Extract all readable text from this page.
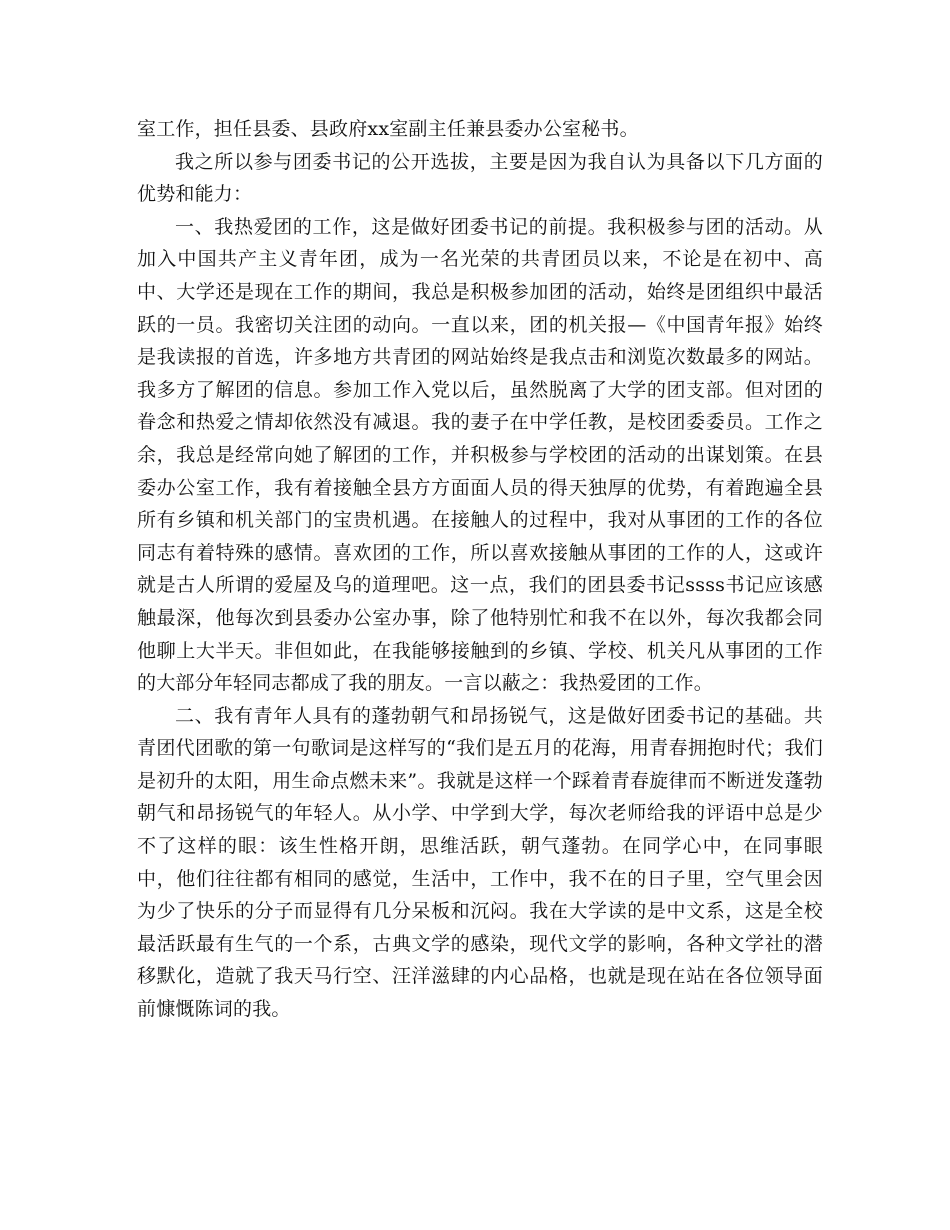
室工作，担任县委、县政府xx室副主任兼县委办公室秘书。

我之所以参与团委书记的公开选拔，主要是因为我自认为具备以下几方面的优势和能力：

一、我热爱团的工作，这是做好团委书记的前提。我积极参与团的活动。从加入中国共产主义青年团，成为一名光荣的共青团员以来，不论是在初中、高中、大学还是现在工作的期间，我总是积极参加团的活动，始终是团组织中最活跃的一员。我密切关注团的动向。一直以来，团的机关报—《中国青年报》始终是我读报的首选，许多地方共青团的网站始终是我点击和浏览次数最多的网站。我多方了解团的信息。参加工作入党以后，虽然脱离了大学的团支部。但对团的眷念和热爱之情却依然没有减退。我的妻子在中学任教，是校团委委员。工作之余，我总是经常向她了解团的工作，并积极参与学校团的活动的出谋划策。在县委办公室工作，我有着接触全县方方面面人员的得天独厚的优势，有着跑遍全县所有乡镇和机关部门的宝贵机遇。在接触人的过程中，我对从事团的工作的各位同志有着特殊的感情。喜欢团的工作，所以喜欢接触从事团的工作的人，这或许就是古人所谓的爱屋及乌的道理吧。这一点，我们的团县委书记ssss书记应该感触最深，他每次到县委办公室办事，除了他特别忙和我不在以外，每次我都会同他聊上大半天。非但如此，在我能够接触到的乡镇、学校、机关凡从事团的工作的大部分年轻同志都成了我的朋友。一言以蔽之：我热爱团的工作。

二、我有青年人具有的蓬勃朝气和昂扬锐气，这是做好团委书记的基础。共青团代团歌的第一句歌词是这样写的“我们是五月的花海，用青春拥抱时代；我们是初升的太阳，用生命点燃未来”。我就是这样一个踩着青春旋律而不断迸发蓬勃朝气和昂扬锐气的年轻人。从小学、中学到大学，每次老师给我的评语中总是少不了这样的眼：该生性格开朗，思维活跃，朝气蓬勃。在同学心中，在同事眼中，他们往往都有相同的感觉，生活中，工作中，我不在的日子里，空气里会因为少了快乐的分子而显得有几分呆板和沉闷。我在大学读的是中文系，这是全校最活跃最有生气的一个系，古典文学的感染，现代文学的影响，各种文学社的潜移默化，造就了我天马行空、汪洋滋肆的内心品格，也就是现在站在各位领导面前慷慨陈词的我。
